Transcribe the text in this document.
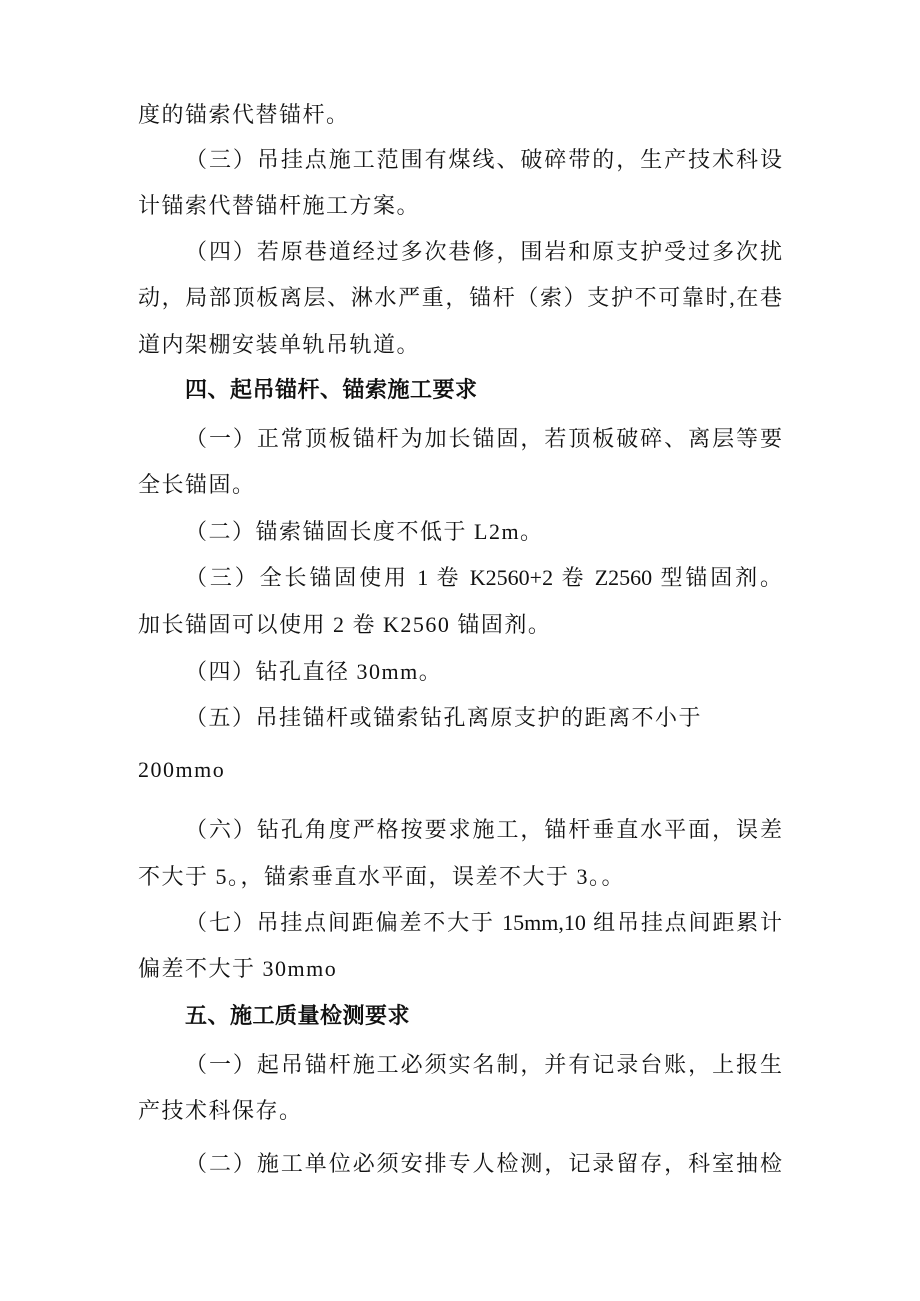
度的锚索代替锚杆。
（三）吊挂点施工范围有煤线、破碎带的，生产技术科设
计锚索代替锚杆施工方案。
（四）若原巷道经过多次巷修，围岩和原支护受过多次扰
动，局部顶板离层、淋水严重，锚杆（索）支护不可靠时,在巷
道内架棚安装单轨吊轨道。
四、起吊锚杆、锚索施工要求
（一）正常顶板锚杆为加长锚固，若顶板破碎、离层等要
全长锚固。
（二）锚索锚固长度不低于 L2m。
（三）全长锚固使用 1 卷 K2560+2 卷 Z2560 型锚固剂。
加长锚固可以使用 2 卷 K2560 锚固剂。
（四）钻孔直径 30mm。
（五）吊挂锚杆或锚索钻孔离原支护的距离不小于
200mmo
（六）钻孔角度严格按要求施工，锚杆垂直水平面，误差
不大于 5。，锚索垂直水平面，误差不大于 3。。
（七）吊挂点间距偏差不大于 15mm,10 组吊挂点间距累计
偏差不大于 30mmo
五、施工质量检测要求
（一）起吊锚杆施工必须实名制，并有记录台账，上报生
产技术科保存。
（二）施工单位必须安排专人检测，记录留存，科室抽检
